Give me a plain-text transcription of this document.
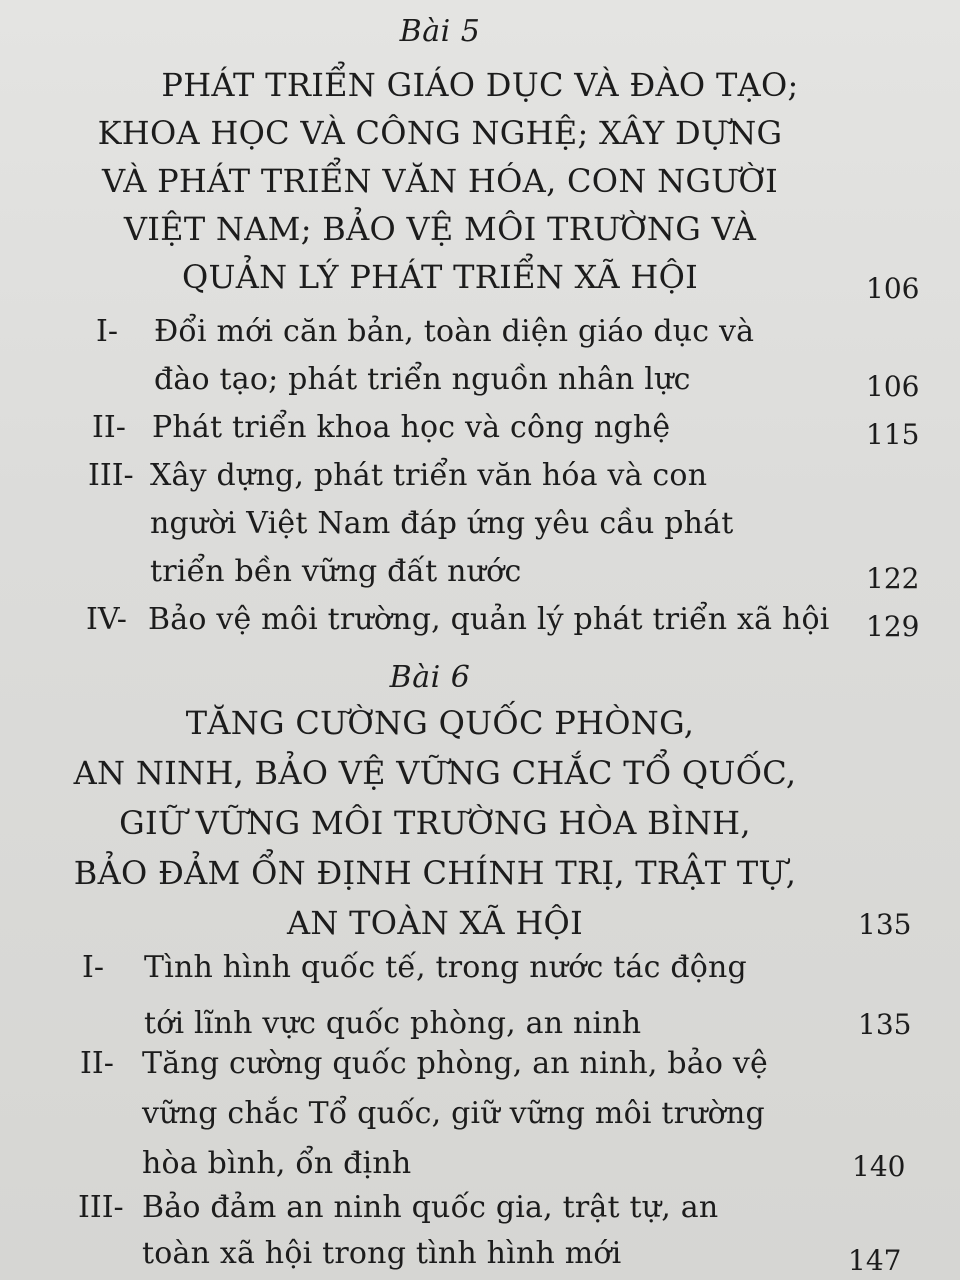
Bài 5
PHÁT TRIỂN GIÁO DỤC VÀ ĐÀO TẠO;
KHOA HỌC VÀ CÔNG NGHỆ; XÂY DỰNG
VÀ PHÁT TRIỂN VĂN HÓA, CON NGƯỜI
VIỆT NAM; BẢO VỆ MÔI TRƯỜNG VÀ
QUẢN LÝ PHÁT TRIỂN XÃ HỘI	106
I- Đổi mới căn bản, toàn diện giáo dục và
đào tạo; phát triển nguồn nhân lực	106
II- Phát triển khoa học và công nghệ	115
III- Xây dựng, phát triển văn hóa và con
người Việt Nam đáp ứng yêu cầu phát
triển bền vững đất nước	122
IV- Bảo vệ môi trường, quản lý phát triển xã hội 129
Bài 6
TĂNG CƯỜNG QUỐC PHÒNG,
AN NINH, BẢO VỆ VỮNG CHẮC TỔ QUỐC,
GIỮ VỮNG MÔI TRƯỜNG HÒA BÌNH,
BẢO ĐẢM ỔN ĐỊNH CHÍNH TRỊ, TRẬT TỰ,
AN TOÀN XÃ HỘI	135
I- Tình hình quốc tế, trong nước tác động
tới lĩnh vực quốc phòng, an ninh	135
II- Tăng cường quốc phòng, an ninh, bảo vệ
vững chắc Tổ quốc, giữ vững môi trường
hòa bình, ổn định	140
III- Bảo đảm an ninh quốc gia, trật tự, an
toàn xã hội trong tình hình mới	147
